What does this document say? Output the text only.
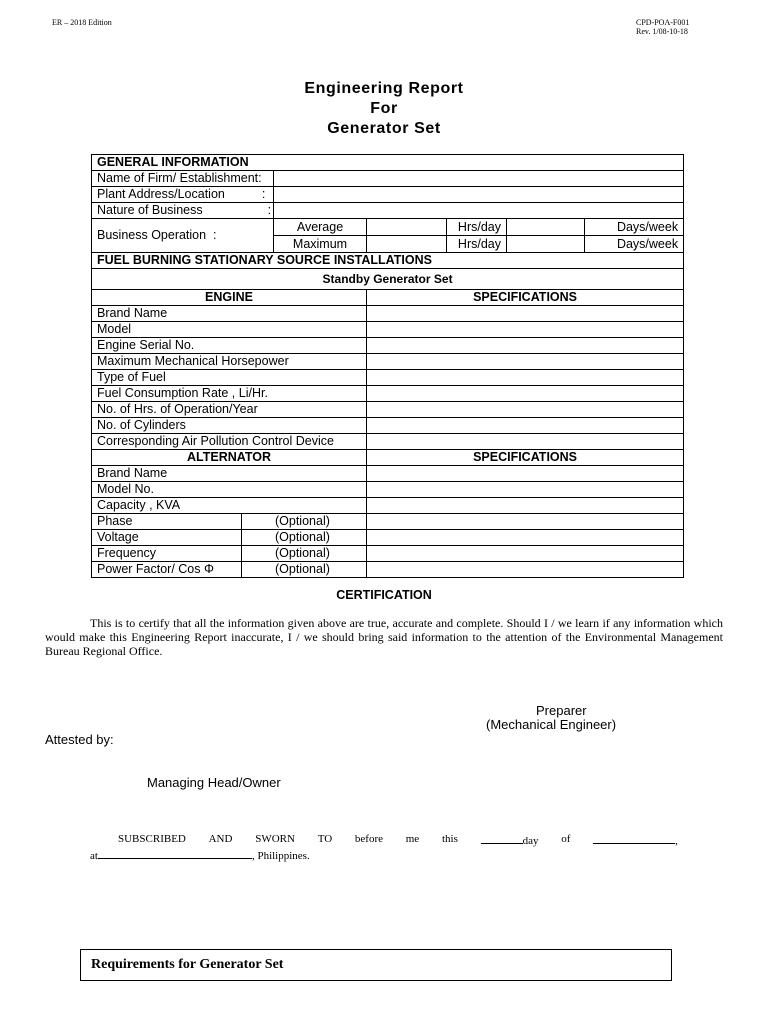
ER – 2018 Edition	CPD-POA-F001
Rev. 1/08-10-18
Engineering Report
For
Generator Set
GENERAL INFORMATION						
Name of Firm/ Establishment:						
Plant Address/Location :						
Nature of Business :						
Business Operation :		Average		Hrs/day		Days/week
		Maximum		Hrs/day		Days/week
FUEL BURNING STATIONARY SOURCE INSTALLATIONS						
Standby Generator Set						
ENGINE			SPECIFICATIONS			
Brand Name						
Model						
Engine Serial No.						
Maximum Mechanical Horsepower						
Type of Fuel						
Fuel Consumption Rate , Li/Hr.						
No. of Hrs. of Operation/Year						
No. of Cylinders						
Corresponding Air Pollution Control Device						
ALTERNATOR			SPECIFICATIONS			
Brand Name						
Model No.						
Capacity , KVA						
Phase	(Optional)					
Voltage	(Optional)					
Frequency	(Optional)					
Power Factor/ Cos Φ	(Optional)					
CERTIFICATION

This is to certify that all the information given above are true, accurate and complete. Should I / we learn if any information which would make this Engineering Report inaccurate, I / we should bring said information to the attention of the Environmental Management Bureau Regional Office.

Preparer
(Mechanical Engineer)
Attested by:
Managing Head/Owner
SUBSCRIBED AND SWORN TO before me this	day of	,
at	, Philippines.
Requirements for Generator Set
